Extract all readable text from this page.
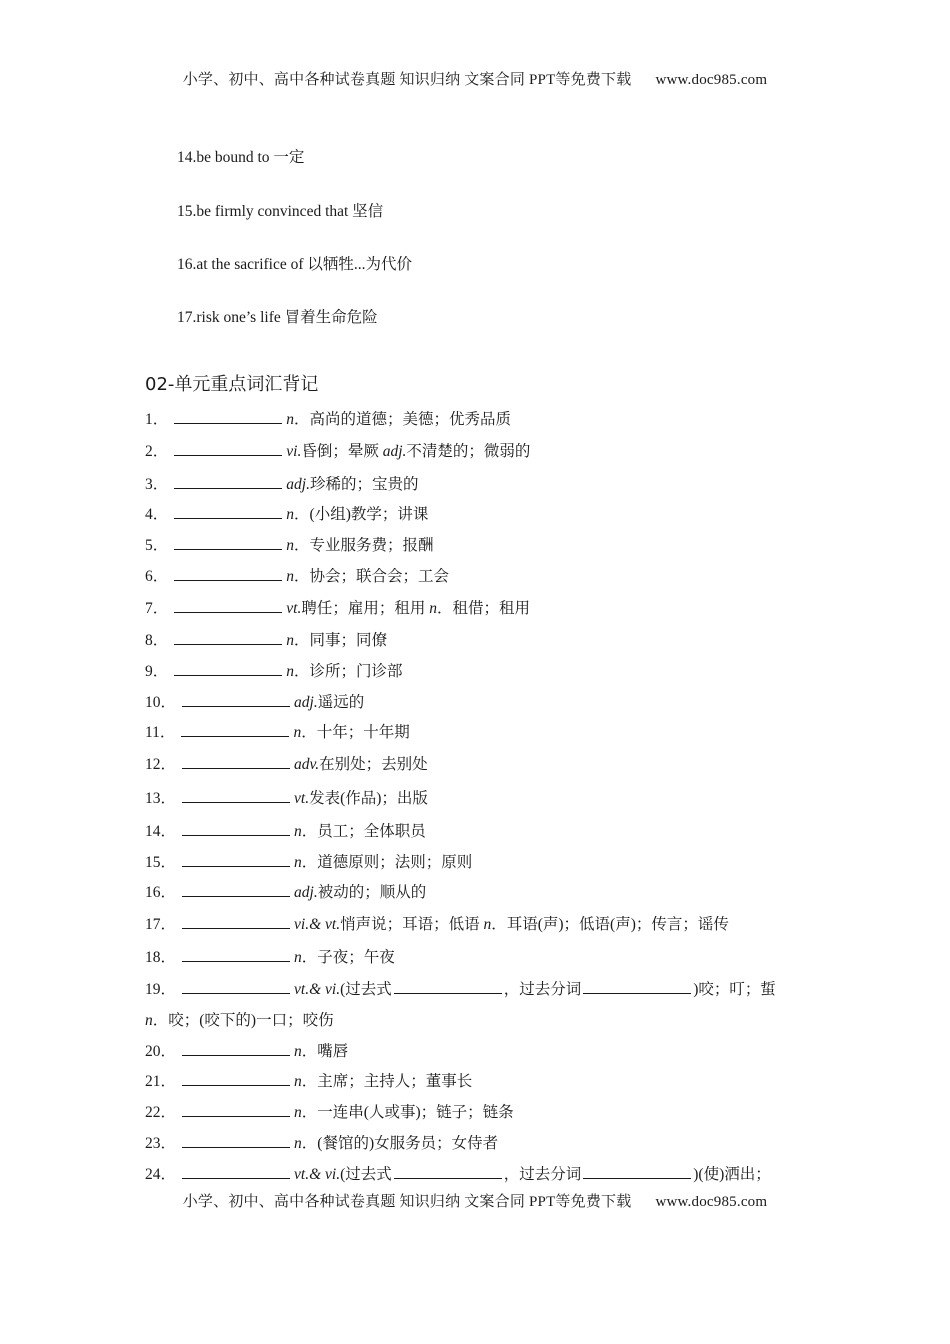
小学、初中、高中各种试卷真题 知识归纳 文案合同 PPT等免费下载 www.doc985.com
14.be bound to 一定
15.be firmly convinced that 坚信
16.at the sacrifice of 以牺牲...为代价
17.risk one’s life 冒着生命危险
02-单元重点词汇背记
19．	vt.& vi.(过去式	，过去分词	)咬；叮；蜇
n．咬；(咬下的)一口；咬伤
24．	vt.& vi.(过去式	，过去分词	)(使)洒出；
1．	n．高尚的道德；美德；优秀品质
2．	vi.昏倒；晕厥 adj.不清楚的；微弱的
3．	adj.珍稀的；宝贵的
4．	n．(小组)教学；讲课
5．	n．专业服务费；报酬
6．	n．协会；联合会；工会
7．	vt.聘任；雇用；租用 n．租借；租用
8．	n．同事；同僚
9．	n．诊所；门诊部
10．	adj.遥远的
11．	n．十年；十年期
12．	adv.在别处；去别处
13．	vt.发表(作品)；出版
14．	n．员工；全体职员
15．	n．道德原则；法则；原则
16．	adj.被动的；顺从的
17．	vi.& vt.悄声说；耳语；低语 n．耳语(声)；低语(声)；传言；谣传
18．	n．子夜；午夜
20．	n．嘴唇
21．	n．主席；主持人；董事长
22．	n．一连串(人或事)；链子；链条
23．	n．(餐馆的)女服务员；女侍者
小学、初中、高中各种试卷真题 知识归纳 文案合同 PPT等免费下载 www.doc985.com
